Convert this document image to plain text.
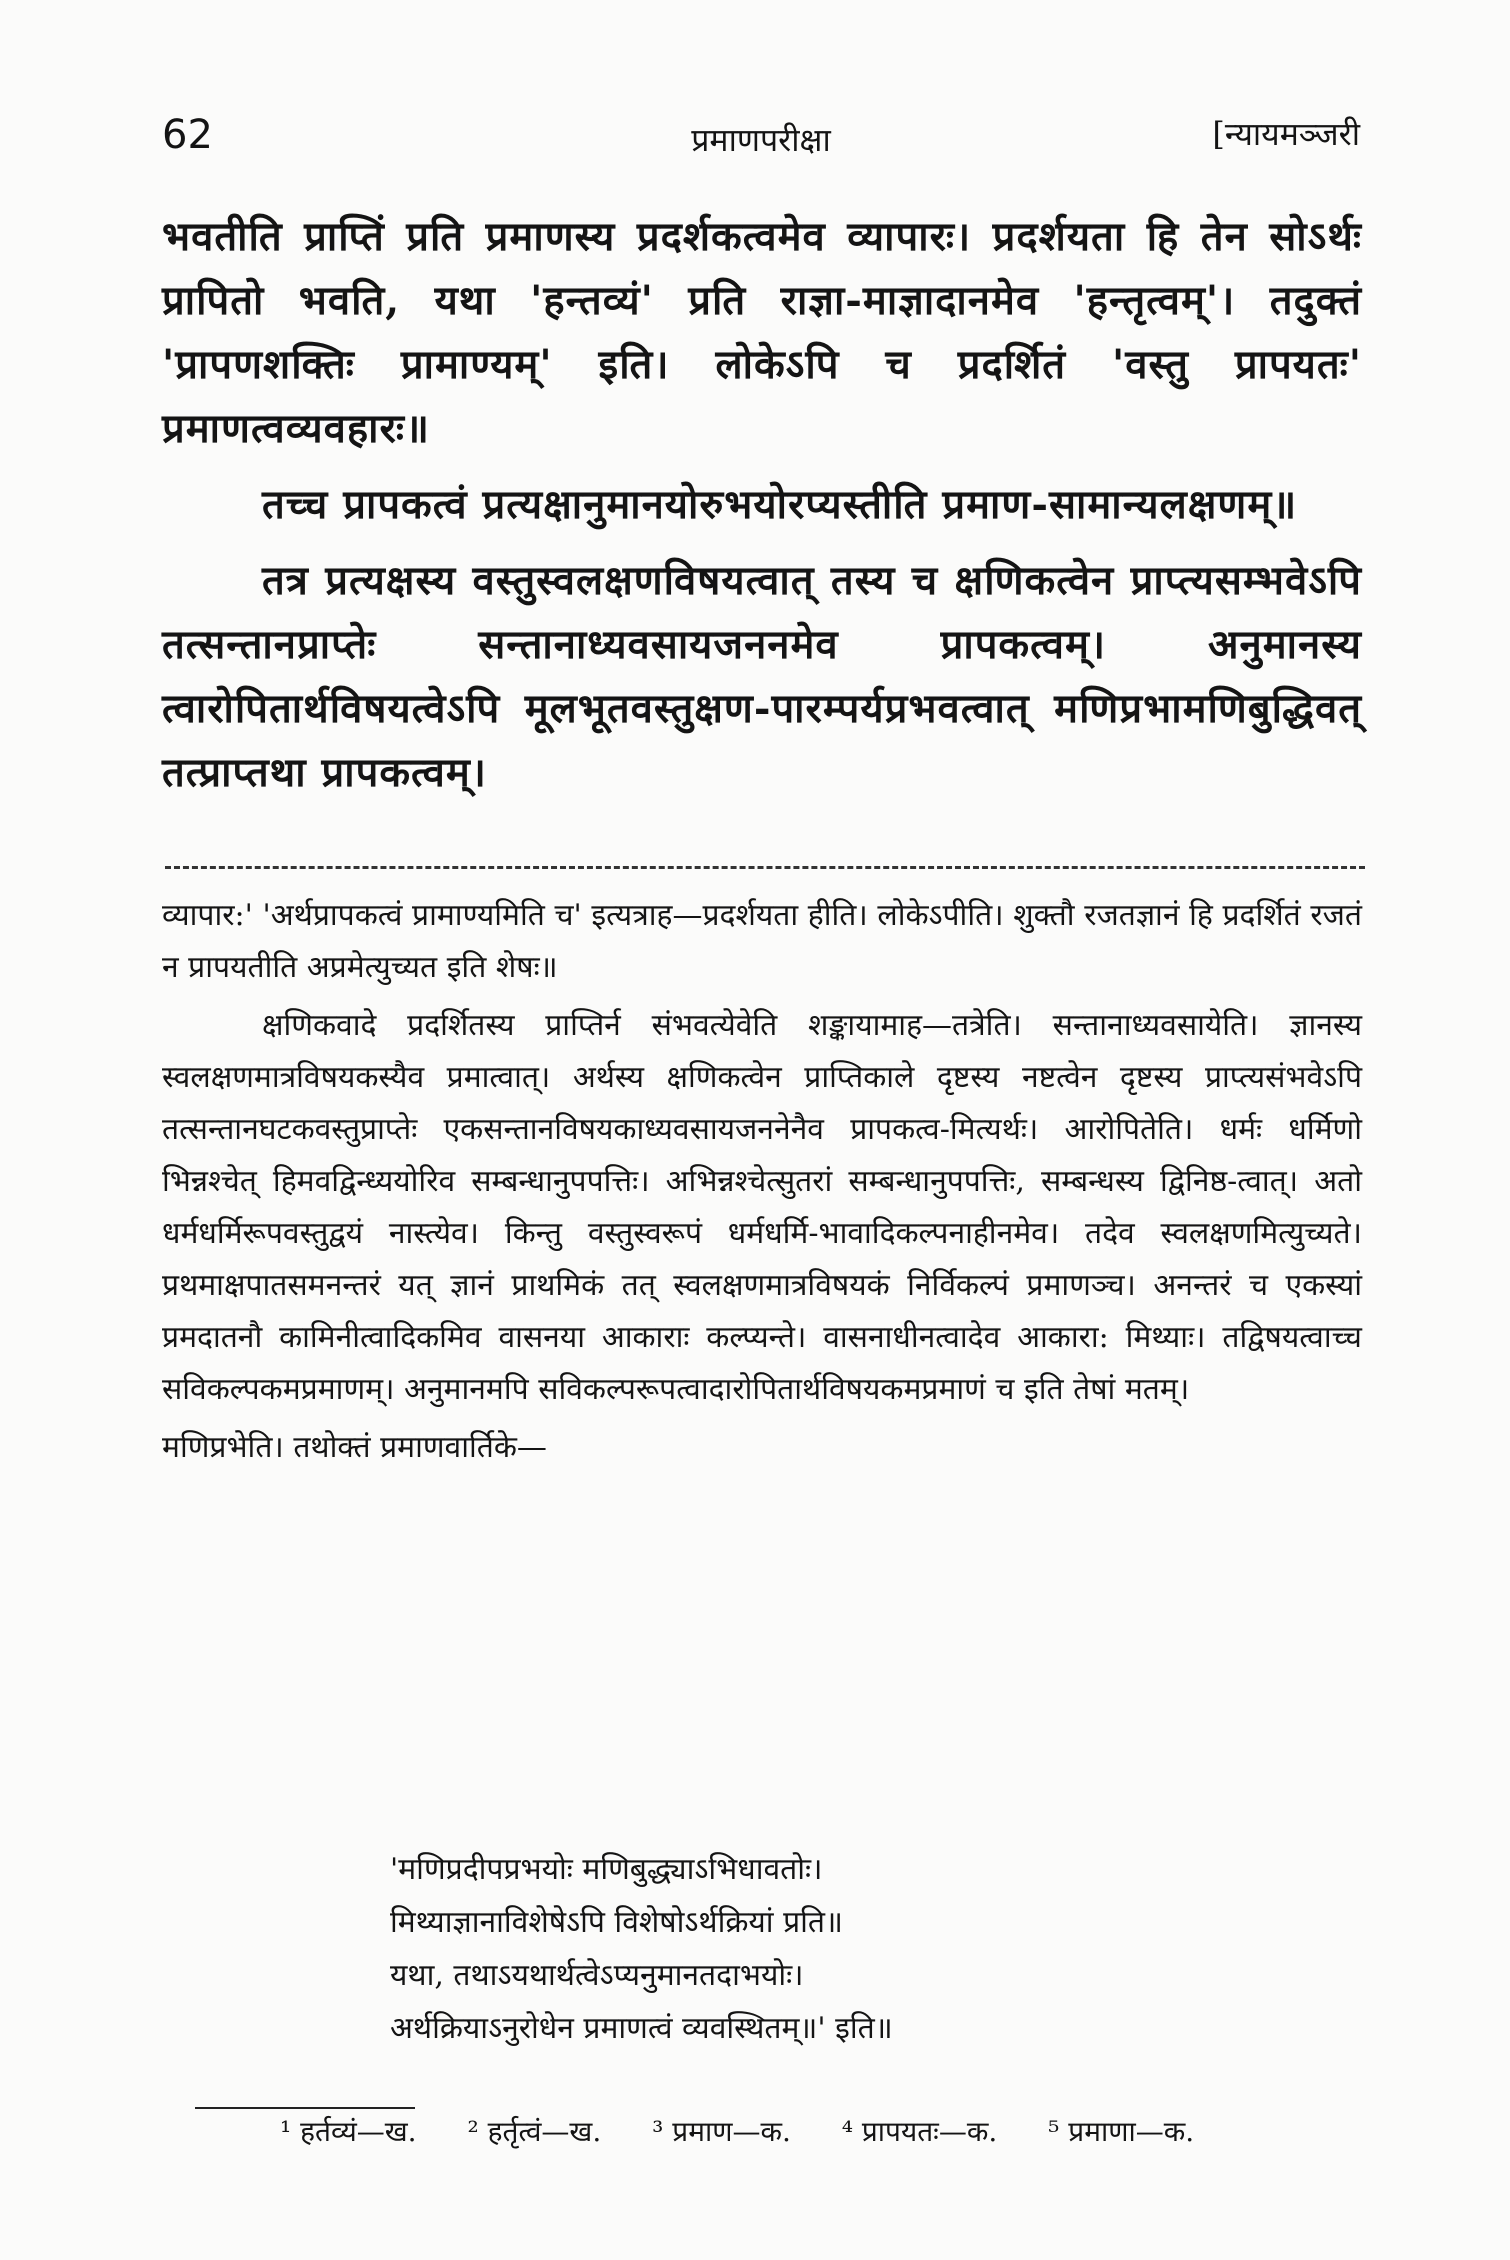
62	प्रमाणपरीक्षा	[न्यायमञ्जरी

भवतीति प्राप्तिं प्रति प्रमाणस्य प्रदर्शकत्वमेव व्यापारः। प्रदर्शयता हि तेन सोऽर्थः प्रापितो भवति, यथा 'हन्तव्यं' प्रति राज्ञा-माज्ञादानमेव 'हन्तृत्वम्'। तदुक्तं 'प्रापणशक्तिः प्रामाण्यम्' इति। लोकेऽपि च प्रदर्शितं 'वस्तु प्रापयतः' प्रमाणत्वव्यवहारः॥

तच्च प्रापकत्वं प्रत्यक्षानुमानयोरुभयोरप्यस्तीति प्रमाण-सामान्यलक्षणम्॥

तत्र प्रत्यक्षस्य वस्तुस्वलक्षणविषयत्वात् तस्य च क्षणिकत्वेन प्राप्त्यसम्भवेऽपि तत्सन्तानप्राप्तेः सन्तानाध्यवसायजननमेव प्रापकत्वम्। अनुमानस्य त्वारोपितार्थविषयत्वेऽपि मूलभूतवस्तुक्षण-पारम्पर्यप्रभवत्वात् मणिप्रभामणिबुद्धिवत् तत्प्राप्तथा प्रापकत्वम्।

व्यापार:' 'अर्थप्रापकत्वं प्रामाण्यमिति च' इत्यत्राह—प्रदर्शयता हीति। लोकेऽपीति। शुक्तौ रजतज्ञानं हि प्रदर्शितं रजतं न प्रापयतीति अप्रमेत्युच्यत इति शेषः॥

क्षणिकवादे प्रदर्शितस्य प्राप्तिर्न संभवत्येवेति शङ्कायामाह—तत्रेति। सन्तानाध्यवसायेति। ज्ञानस्य स्वलक्षणमात्रविषयकस्यैव प्रमात्वात्। अर्थस्य क्षणिकत्वेन प्राप्तिकाले दृष्टस्य नष्टत्वेन दृष्टस्य प्राप्त्यसंभवेऽपि तत्सन्तानघटकवस्तुप्राप्तेः एकसन्तानविषयकाध्यवसायजननेनैव प्रापकत्व-मित्यर्थः। आरोपितेति। धर्मः धर्मिणो भिन्नश्चेत् हिमवद्विन्ध्ययोरिव सम्बन्धानुपपत्तिः। अभिन्नश्चेत्सुतरां सम्बन्धानुपपत्तिः, सम्बन्धस्य द्विनिष्ठ-त्वात्। अतो धर्मधर्मिरूपवस्तुद्वयं नास्त्येव। किन्तु वस्तुस्वरूपं धर्मधर्मि-भावादिकल्पनाहीनमेव। तदेव स्वलक्षणमित्युच्यते। प्रथमाक्षपातसमनन्तरं यत् ज्ञानं प्राथमिकं तत् स्वलक्षणमात्रविषयकं निर्विकल्पं प्रमाणञ्च। अनन्तरं च एकस्यां प्रमदातनौ कामिनीत्वादिकमिव वासनया आकाराः कल्प्यन्ते। वासनाधीनत्वादेव आकारा: मिथ्याः। तद्विषयत्वाच्च सविकल्पकमप्रमाणम्। अनुमानमपि सविकल्परूपत्वादारोपितार्थविषयकमप्रमाणं च इति तेषां मतम्।

मणिप्रभेति। तथोक्तं प्रमाणवार्तिके—

'मणिप्रदीपप्रभयोः मणिबुद्ध्याऽभिधावतोः।
मिथ्याज्ञानाविशेषेऽपि विशेषोऽर्थक्रियां प्रति॥
यथा, तथाऽयथार्थत्वेऽप्यनुमानतदाभयोः।
अर्थक्रियाऽनुरोधेन प्रमाणत्वं व्यवस्थितम्॥' इति॥
¹ हर्तव्यं—ख. ² हर्तृत्वं—ख. ³ प्रमाण—क. ⁴ प्रापयतः—क. ⁵ प्रमाणा—क.
